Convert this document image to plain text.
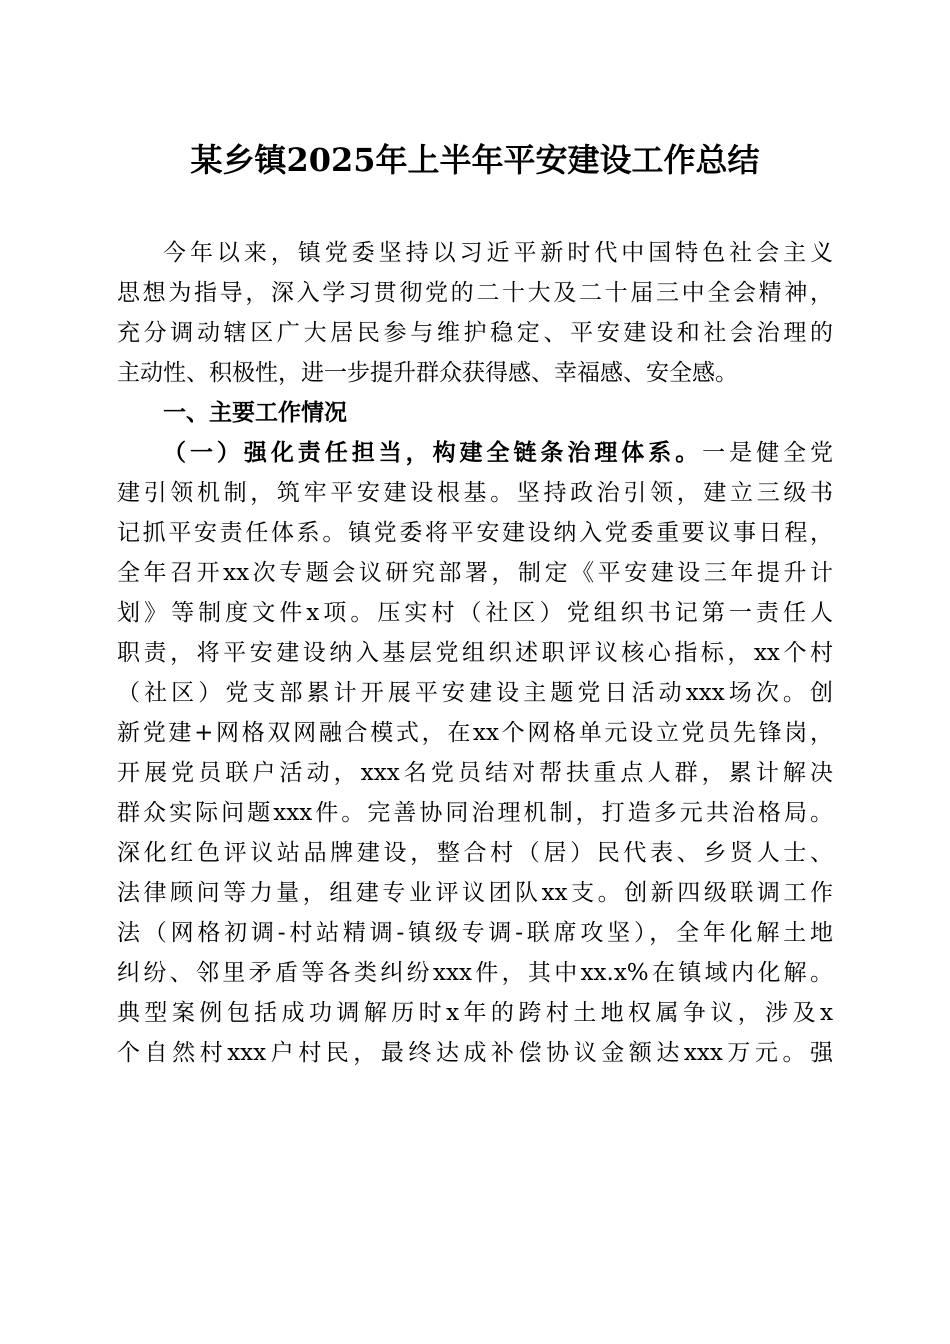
某乡镇2025年上半年平安建设工作总结
今年以来，镇党委坚持以习近平新时代中国特色社会主义
思想为指导，深入学习贯彻党的二十大及二十届三中全会精神，
充分调动辖区广大居民参与维护稳定、平安建设和社会治理的
主动性、积极性，进一步提升群众获得感、幸福感、安全感。
一、主要工作情况
（一）强化责任担当，构建全链条治理体系。一是健全党
建引领机制，筑牢平安建设根基。坚持政治引领，建立三级书
记抓平安责任体系。镇党委将平安建设纳入党委重要议事日程，
全年召开xx次专题会议研究部署，制定《平安建设三年提升计
划》等制度文件x项。压实村（社区）党组织书记第一责任人
职责，将平安建设纳入基层党组织述职评议核心指标，xx个村
（社区）党支部累计开展平安建设主题党日活动xxx场次。创
新党建+网格双网融合模式，在xx个网格单元设立党员先锋岗，
开展党员联户活动，xxx名党员结对帮扶重点人群，累计解决
群众实际问题xxx件。完善协同治理机制，打造多元共治格局。
深化红色评议站品牌建设，整合村（居）民代表、乡贤人士、
法律顾问等力量，组建专业评议团队xx支。创新四级联调工作
法（网格初调-村站精调-镇级专调-联席攻坚），全年化解土地
纠纷、邻里矛盾等各类纠纷xxx件，其中xx.x%在镇域内化解。
典型案例包括成功调解历时x年的跨村土地权属争议，涉及x
个自然村xxx户村民，最终达成补偿协议金额达xxx万元。强
